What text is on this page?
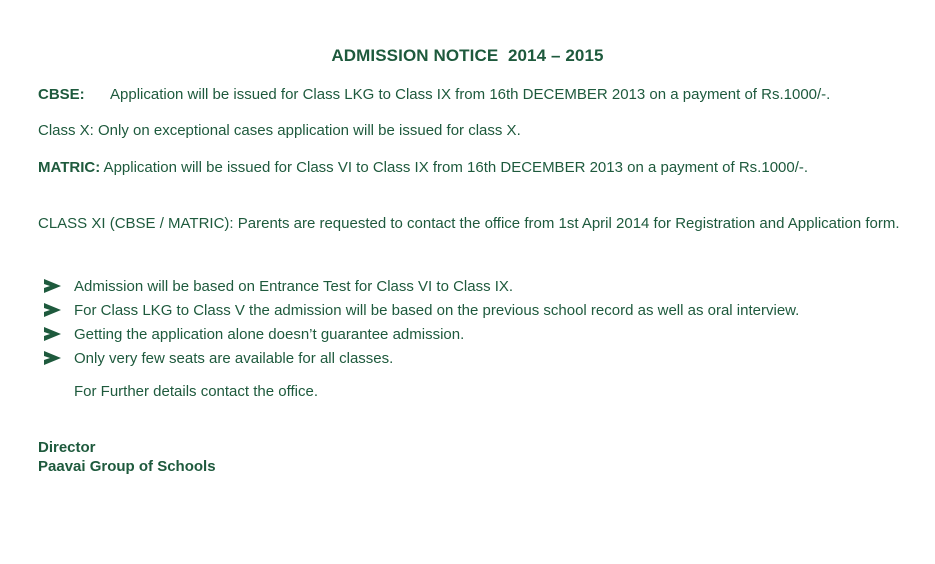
ADMISSION NOTICE  2014 – 2015
CBSE: Application will be issued for Class LKG to Class IX from 16th DECEMBER 2013 on a payment of Rs.1000/-.
Class X: Only on exceptional cases application will be issued for class X.
MATRIC: Application will be issued for Class VI to Class IX from 16th DECEMBER 2013 on a payment of Rs.1000/-.
CLASS XI (CBSE / MATRIC): Parents are requested to contact the office from 1st April 2014 for Registration and Application form.
Admission will be based on Entrance Test for Class VI to Class IX.
For Class LKG to Class V the admission will be based on the previous school record as well as oral interview.
Getting the application alone doesn’t guarantee admission.
Only very few seats are available for all classes.
For Further details contact the office.
Director
Paavai Group of Schools
